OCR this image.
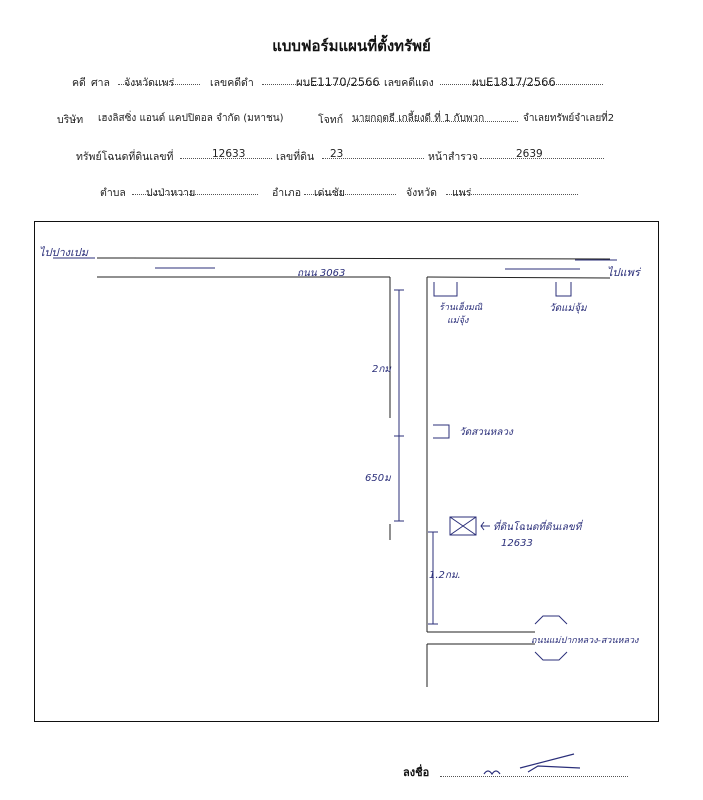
แบบฟอร์มแผนที่ตั้งทรัพย์
คดี ศาล จังหวัดแพร่	เลขคดีดำ	ผบE1170/2566 เลขคดีแดง	ผบE1817/2566
บริษัท เฮงลิสซิ่ง แอนด์ แคปปิตอล จำกัด (มหาชน)	โจทก์ นายกฤตธี เกลี้ยงดี ที่ 1 กับพวก	จำเลยทรัพย์จำเลยที่2
ทรัพย์โฉนดที่ดินเลขที่	12633	เลขที่ดิน 23	หน้าสำรวจ	2639
ตำบล ปงป่าหวาย	อำเภอ เด่นชัย	จังหวัด แพร่
ไปปางเปม
ไปแพร่
ถนน 3063
ร้านเฮ็งมณิ
แม่จุ้ง
วัดแม่จุ้ม
วัดสวนหลวง
2กม
650ม
1.2กม.
ที่ดินโฉนดที่ดินเลขที่
12633
ถนนแม่ปากหลวง-สวนหลวง
ลงชื่อ
